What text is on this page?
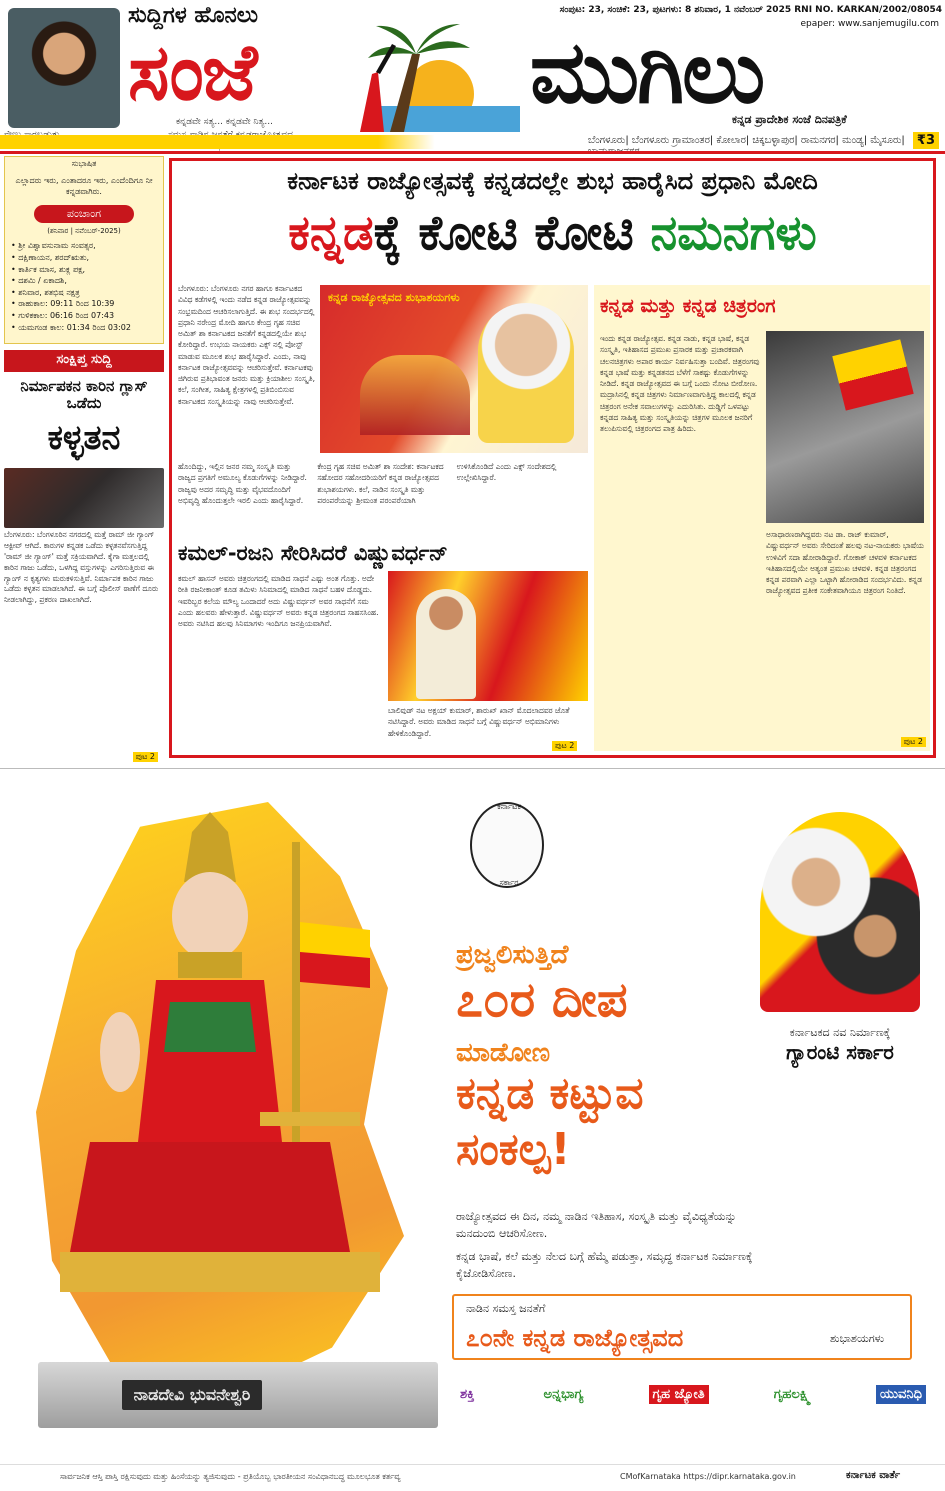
ಸುದ್ದಿಗಳ ಹೊನಲು
ಸಂಜೆ
ಕನ್ನಡವೇ ಸತ್ಯ... ಕನ್ನಡವೇ ನಿತ್ಯ...	ಮುಗಿಲು
ಸಂಪುಟ: 23, ಸಂಚಿಕೆ: 23, ಪುಟಗಳು: 8 ಶನಿವಾರ, 1 ನವೆಂಬರ್ 2025 RNI NO. KARKAN/2002/08054
epaper: www.sanjemugilu.com
ಕನ್ನಡ ಪ್ರಾದೇಶಿಕ ಸಂಜೆ ದಿನಪತ್ರಿಕೆ
ಬೆಂಗಳೂರು| ಬೆಂಗಳೂರು ಗ್ರಾಮಾಂತರ| ಕೋಲಾರ| ಚಿಕ್ಕಬಳ್ಳಾಪುರ| ರಾಮನಗರ| ಮಂಡ್ಯ| ಮೈಸೂರು| ₹3
ಸುಭಾಷಿತ
ಎಲ್ಲಾದರು ಇರು, ಎಂತಾದರೂ ಇರು, ಎಂದೆಂದಿಗೂ ನೀ ಕನ್ನಡವಾಗಿರು.
ಪಂಚಾಂಗ
(ಶನಿವಾರ | ನವೆಂಬರ್-2025)
• ಶ್ರೀ ವಿಶ್ವಾವಸುನಾಮ ಸಂವತ್ಸರ,
• ದಕ್ಷಿಣಾಯನ, ಶರದ್ಋತು,
• ಕಾರ್ತಿಕ ಮಾಸ, ಶುಕ್ಲ ಪಕ್ಷ,
• ದಶಮಿ / ಏಕಾದಶಿ,
• ಶನಿವಾರ, ಶತಭಿಷ ನಕ್ಷತ್ರ
• ರಾಹುಕಾಲ: 09:11 ರಿಂದ 10:39
• ಗುಳಿಕಕಾಲ: 06:16 ರಿಂದ 07:43
• ಯಮಗಂಡ ಕಾಲ: 01:34 ರಿಂದ 03:02
ಸಂಕ್ಷಿಪ್ತ ಸುದ್ದಿ
ನಿರ್ಮಾಪಕನ ಕಾರಿನ ಗ್ಲಾಸ್ ಒಡೆದು
ಕಳ್ಳತನ
ಬೆಂಗಳೂರು: ಬೆಂಗಳೂರಿನ ನಗರದಲ್ಲಿ ಮತ್ತೆ ರಾಮ್ ಜೀ ಗ್ಯಾಂಗ್ ಆಕ್ಟೀವ್ ಆಗಿದೆ. ಕಾರುಗಳ ಕನ್ನಡಕ ಒಡೆದು ಕಳ್ಳತನವೆಸಗುತ್ತಿದ್ದ 'ರಾಮ್ ಜೀ ಗ್ಯಾಂಗ್' ಮತ್ತೆ ಸಕ್ರಿಯವಾಗಿದೆ. ಕೈಗಾ ಮತ್ತಲದಲ್ಲಿ ಕಾರಿನ ಗಾಜು ಒಡೆದು, ಒಳಗಿದ್ದ ವಸ್ತುಗಳನ್ನು ಎಗರಿಸುತ್ತಿರುವ ಈ ಗ್ಯಾಂಗ್ ನ ಕೃತ್ಯಗಳು ಮರುಕಳಿಸುತ್ತಿವೆ. ನಿರ್ಮಾಪಕ ಕಾರಿನ ಗಾಜು ಒಡೆದು ಕಳ್ಳತನ ಮಾಡಲಾಗಿದೆ. ಈ ಬಗ್ಗೆ ಪೊಲೀಸ್ ಠಾಣೆಗೆ ದೂರು ನೀಡಲಾಗಿದ್ದು, ಪ್ರಕರಣ ದಾಖಲಾಗಿದೆ.
ಪುಟ 2
ಕರ್ನಾಟಕ ರಾಜ್ಯೋತ್ಸವಕ್ಕೆ ಕನ್ನಡದಲ್ಲೇ ಶುಭ ಹಾರೈಸಿದ ಪ್ರಧಾನಿ ಮೋದಿ
ಕನ್ನಡಕ್ಕೆ ಕೋಟಿ ಕೋಟಿ ನಮನಗಳು
ಬೆಂಗಳೂರು: ಬೆಂಗಳೂರು ನಗರ ಹಾಗೂ ಕರ್ನಾಟಕದ ವಿವಿಧ ಕಡೆಗಳಲ್ಲಿ ಇಂದು ನಡೆದ ಕನ್ನಡ ರಾಜ್ಯೋತ್ಸವವನ್ನು ಸಂಭ್ರಮದಿಂದ ಆಚರಿಸಲಾಗುತ್ತಿದೆ. ಈ ಶುಭ ಸಂದರ್ಭದಲ್ಲಿ ಪ್ರಧಾನಿ ನರೇಂದ್ರ ಮೋದಿ ಹಾಗೂ ಕೇಂದ್ರ ಗೃಹ ಸಚಿವ ಅಮಿತ್ ಶಾ ಕರ್ನಾಟಕದ ಜನತೆಗೆ ಕನ್ನಡದಲ್ಲಿಯೇ ಶುಭ ಕೋರಿದ್ದಾರೆ. ಉಭಯ ನಾಯಕರು ಎಕ್ಸ್ ನಲ್ಲಿ ಪೋಸ್ಟ್ ಮಾಡುವ ಮೂಲಕ ಶುಭ ಹಾರೈಸಿದ್ದಾರೆ. ಎಂದು, ನಾವು ಕರ್ನಾಟಕ ರಾಜ್ಯೋತ್ಸವವನ್ನು ಆಚರಿಸುತ್ತೇವೆ. ಕರ್ನಾಟಕವು ಜಿಗಿರುವ ಪ್ರತಿಭಾವಂತ ಜನರು ಮತ್ತು ಕ್ರಿಯಾಶೀಲ ಸಂಸ್ಕೃತಿ, ಕಲೆ, ಸಂಗೀತ, ಸಾಹಿತ್ಯ ಕ್ಷೇತ್ರಗಳಲ್ಲಿ ಪ್ರತಿಬಿಂಬಿಸುವ ಕರ್ನಾಟಕದ ಸಂಸ್ಕೃತಿಯನ್ನು ನಾವು ಆಚರಿಸುತ್ತೇವೆ.
ಕನ್ನಡ ರಾಜ್ಯೋತ್ಸವದ ಶುಭಾಶಯಗಳು
ಹೊಂದಿದ್ದು, ಇಲ್ಲಿನ ಜನರ ನಮ್ಮ ಸಂಸ್ಕೃತಿ ಮತ್ತು ರಾಜ್ಯದ ಪ್ರಗತಿಗೆ ಅಮೂಲ್ಯ ಕೊಡುಗೆಗಳನ್ನು ನೀಡಿದ್ದಾರೆ. ರಾಜ್ಯವು ಅದರ ಸಮೃದ್ಧಿ ಮತ್ತು ವೈಭವದೊಂದಿಗೆ ಅಭಿವೃದ್ಧಿ ಹೊಂದುತ್ತಲೇ ಇರಲಿ ಎಂದು ಹಾರೈಸಿದ್ದಾರೆ. ಕೇಂದ್ರ ಗೃಹ ಸಚಿವ ಅಮಿತ್ ಶಾ ಸಂದೇಶ: ಕರ್ನಾಟಕದ ಸಹೋದರ ಸಹೋದರಿಯರಿಗೆ ಕನ್ನಡ ರಾಜ್ಯೋತ್ಸವದ ಶುಭಾಶಯಗಳು. ಕಲೆ, ನಾಡಿನ ಸಂಸ್ಕೃತಿ ಮತ್ತು ಪರಂಪರೆಯನ್ನು ಶ್ರೀಮಂತ ಪರಂಪರೆಯಾಗಿ ಉಳಿಸಿಕೊಂಡಿದೆ ಎಂದು ಎಕ್ಸ್ ಸಂದೇಶದಲ್ಲಿ ಉಲ್ಲೇಖಿಸಿದ್ದಾರೆ.
ಕಮಲ್-ರಜನಿ ಸೇರಿಸಿದರೆ ವಿಷ್ಣುವರ್ಧನ್
ಕಮಲ್ ಹಾಸನ್ ಅವರು ಚಿತ್ರರಂಗದಲ್ಲಿ ಮಾಡಿದ ಸಾಧನೆ ಎಷ್ಟು ಅಂತ ಗೊತ್ತು. ಅದೇ ರೀತಿ ರಜನೀಕಾಂತ್ ಕೂಡ ತಮಿಳು ಸಿನಿಮಾದಲ್ಲಿ ಮಾಡಿದ ಸಾಧನೆ ಬಹಳ ದೊಡ್ಡದು. ಇವರಿಬ್ಬರ ಕಲೆಯ ಮೌಲ್ಯ ಒಂದಾದರೆ ಅದು ವಿಷ್ಣುವರ್ಧನ್ ಅವರ ಸಾಧನೆಗೆ ಸಮ ಎಂದು ಹಲವರು ಹೇಳುತ್ತಾರೆ. ವಿಷ್ಣುವರ್ಧನ್ ಅವರು ಕನ್ನಡ ಚಿತ್ರರಂಗದ ಸಾಹಸಸಿಂಹ. ಅವರು ನಟಿಸಿದ ಹಲವು ಸಿನಿಮಾಗಳು ಇಂದಿಗೂ ಜನಪ್ರಿಯವಾಗಿವೆ.
ಬಾಲಿವುಡ್ ನಟ ಅಕ್ಷಯ್ ಕುಮಾರ್, ಶಾರುಖ್ ಖಾನ್ ಮೊದಲಾದವರ ಜೊತೆ ನಟಿಸಿದ್ದಾರೆ. ಅವರು ಮಾಡಿದ ಸಾಧನೆ ಬಗ್ಗೆ ವಿಷ್ಣುವರ್ಧನ್ ಅಭಿಮಾನಿಗಳು ಹೇಳಿಕೊಂಡಿದ್ದಾರೆ.
ಪುಟ 2
ಕನ್ನಡ ಮತ್ತು ಕನ್ನಡ ಚಿತ್ರರಂಗ
ಇಂದು ಕನ್ನಡ ರಾಜ್ಯೋತ್ಸವ. ಕನ್ನಡ ನಾಡು, ಕನ್ನಡ ಭಾಷೆ, ಕನ್ನಡ ಸಂಸ್ಕೃತಿ, ಇತಿಹಾಸದ ಪ್ರಮುಖ ಪ್ರಸಾರಕ ಮತ್ತು ಪ್ರಚಾರಕವಾಗಿ ಚಲನಚಿತ್ರಗಳು ಅಪಾರ ಕಾರ್ಯ ನಿರ್ವಹಿಸುತ್ತಾ ಬಂದಿವೆ. ಚಿತ್ರರಂಗವು ಕನ್ನಡ ಭಾಷೆ ಮತ್ತು ಕನ್ನಡತನದ ಬೆಳೆಗೆ ಸಾಕಷ್ಟು ಕೊಡುಗೆಗಳನ್ನು ನೀಡಿದೆ. ಕನ್ನಡ ರಾಜ್ಯೋತ್ಸವದ ಈ ಬಗ್ಗೆ ಒಂದು ನೋಟ ಬೀರೋಣ. ಮದ್ರಾಸಿನಲ್ಲಿ ಕನ್ನಡ ಚಿತ್ರಗಳು ನಿರ್ಮಾಣವಾಗುತ್ತಿದ್ದ ಕಾಲದಲ್ಲಿ ಕನ್ನಡ ಚಿತ್ರರಂಗ ಅನೇಕ ಸವಾಲುಗಳನ್ನು ಎದುರಿಸಿತು. ದುಡ್ಡಿಗೆ ಒಳಪಟ್ಟು ಕನ್ನಡದ ಸಾಹಿತ್ಯ ಮತ್ತು ಸಂಸ್ಕೃತಿಯನ್ನು ಚಿತ್ರಗಳ ಮೂಲಕ ಜನರಿಗೆ ತಲುಪಿಸುವಲ್ಲಿ ಚಿತ್ರರಂಗದ ಪಾತ್ರ ಹಿರಿದು.
ಅಸಾಧಾರಣರಾಗಿದ್ದವರು ನಟ ಡಾ. ರಾಜ್ ಕುಮಾರ್, ವಿಷ್ಣುವರ್ಧನ್ ಅವರು ಸೇರಿದಂತೆ ಹಲವು ನಟ-ನಾಯಕರು ಭಾಷೆಯ ಉಳಿವಿಗೆ ಸದಾ ಹೋರಾಡಿದ್ದಾರೆ. ಗೋಕಾಕ್ ಚಳವಳಿ ಕರ್ನಾಟಕದ ಇತಿಹಾಸದಲ್ಲಿಯೇ ಅತ್ಯಂತ ಪ್ರಮುಖ ಚಳವಳಿ. ಕನ್ನಡ ಚಿತ್ರರಂಗದ ಕನ್ನಡ ಪರವಾಗಿ ಎಲ್ಲಾ ಒಟ್ಟಾಗಿ ಹೋರಾಡಿದ ಸಂದರ್ಭವಿದು. ಕನ್ನಡ ರಾಜ್ಯೋತ್ಸವದ ಪ್ರತೀಕ ಸಂಕೇತವಾಗಿಯೂ ಚಿತ್ರರಂಗ ನಿಂತಿದೆ.
ಪುಟ 2
ನಾಡದೇವಿ ಭುವನೇಶ್ವರಿ
ಕರ್ನಾಟಕ
ಸರ್ಕಾರ
ಪ್ರಜ್ವಲಿಸುತ್ತಿದೆ
೭೦ರ ದೀಪ
ಮಾಡೋಣ
ಕನ್ನಡ ಕಟ್ಟುವ
ಸಂಕಲ್ಪ!
ರಾಜ್ಯೋತ್ಸವದ ಈ ದಿನ, ನಮ್ಮ ನಾಡಿನ ಇತಿಹಾಸ, ಸಂಸ್ಕೃತಿ ಮತ್ತು ವೈವಿಧ್ಯತೆಯನ್ನು ಮನದುಂಬಿ ಆಚರಿಸೋಣ.
ಕನ್ನಡ ಭಾಷೆ, ಕಲೆ ಮತ್ತು ನೆಲದ ಬಗ್ಗೆ ಹೆಮ್ಮೆ ಪಡುತ್ತಾ, ಸಮೃದ್ಧ ಕರ್ನಾಟಕ ನಿರ್ಮಾಣಕ್ಕೆ ಕೈಜೋಡಿಸೋಣ.
ನಾಡಿನ ಸಮಸ್ತ ಜನತೆಗೆ
೭೦ನೇ ಕನ್ನಡ ರಾಜ್ಯೋತ್ಸವದ	ಶುಭಾಶಯಗಳು
ಕರ್ನಾಟಕದ ನವ ನಿರ್ಮಾಣಕ್ಕೆ
ಗ್ಯಾರಂಟಿ ಸರ್ಕಾರ
ಶಕ್ತಿ	ಅನ್ನಭಾಗ್ಯ	ಗೃಹ ಜ್ಯೋತಿ	ಗೃಹಲಕ್ಷ್ಮಿ	ಯುವನಿಧಿ
ಸಾರ್ವಜನಿಕ ಆಸ್ತಿ ಪಾಸ್ತಿ ರಕ್ಷಿಸುವುದು ಮತ್ತು ಹಿಂಸೆಯನ್ನು ತ್ಯಜಿಸುವುದು - ಪ್ರತಿಯೊಬ್ಬ ಭಾರತೀಯನ ಸಂವಿಧಾನಬದ್ಧ ಮೂಲಭೂತ ಕರ್ತವ್ಯ	CMofKarnataka https://dipr.karnataka.gov.in	ಕರ್ನಾಟಕ ವಾರ್ತೆ
